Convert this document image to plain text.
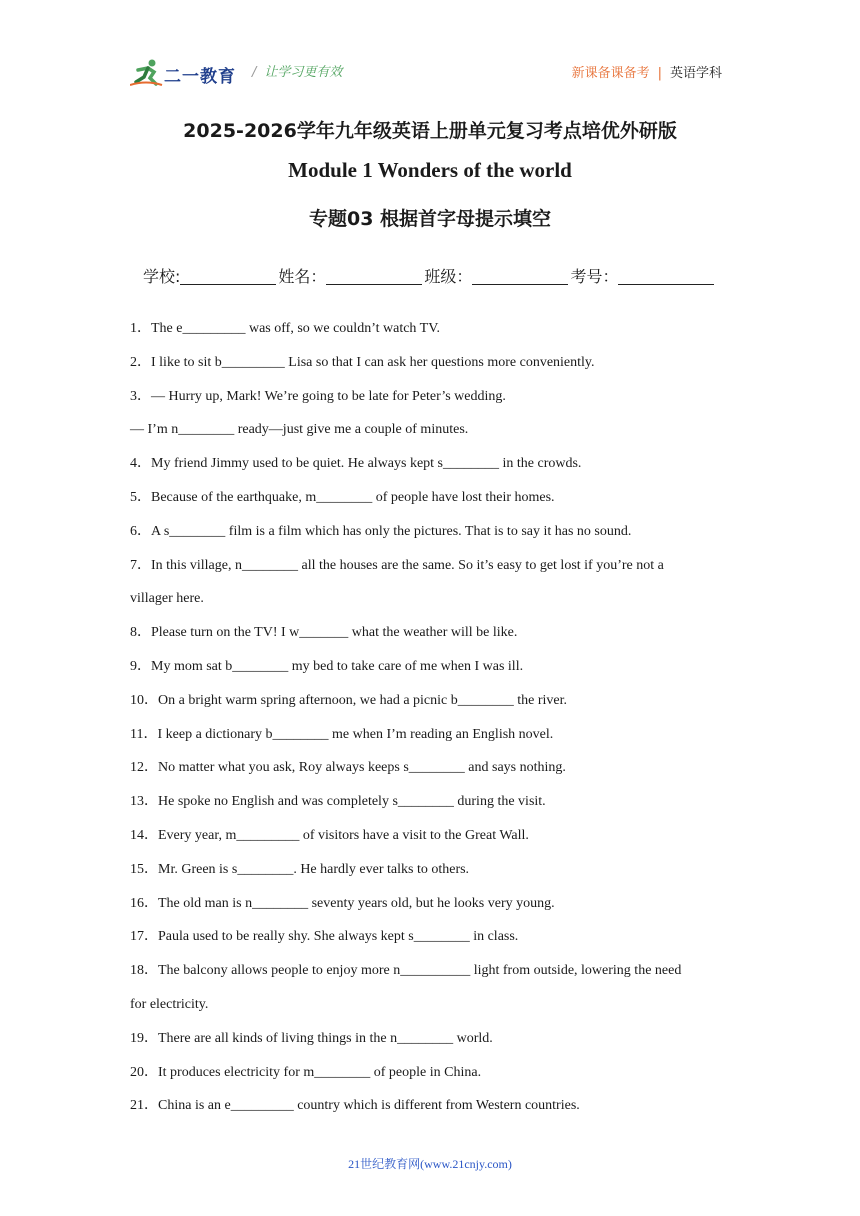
二一教育 / 让学习更有效	新课备课备考 | 英语学科
2025-2026学年九年级英语上册单元复习考点培优外研版
Module 1 Wonders of the world
专题03 根据首字母提示填空
学校:	姓名：	班级：	考号：

1．The e_________ was off, so we couldn’t watch TV.

2．I like to sit b_________ Lisa so that I can ask her questions more conveniently.

3．— Hurry up, Mark! We’re going to be late for Peter’s wedding.

— I’m n________ ready—just give me a couple of minutes.

4．My friend Jimmy used to be quiet. He always kept s________ in the crowds.

5．Because of the earthquake, m________ of people have lost their homes.

6．A s________ film is a film which has only the pictures. That is to say it has no sound.

7．In this village, n________ all the houses are the same. So it’s easy to get lost if you’re not a

villager here.

8．Please turn on the TV! I w_______ what the weather will be like.

9．My mom sat b________ my bed to take care of me when I was ill.

10．On a bright warm spring afternoon, we had a picnic b________ the river.

11．I keep a dictionary b________ me when I’m reading an English novel.

12．No matter what you ask, Roy always keeps s________ and says nothing.

13．He spoke no English and was completely s________ during the visit.

14．Every year, m_________ of visitors have a visit to the Great Wall.

15．Mr. Green is s________. He hardly ever talks to others.

16．The old man is n________ seventy years old, but he looks very young.

17．Paula used to be really shy. She always kept s________ in class.

18．The balcony allows people to enjoy more n__________ light from outside, lowering the need

for electricity.

19．There are all kinds of living things in the n________ world.

20．It produces electricity for m________ of people in China.

21．China is an e_________ country which is different from Western countries.

21世纪教育网(www.21cnjy.com)
